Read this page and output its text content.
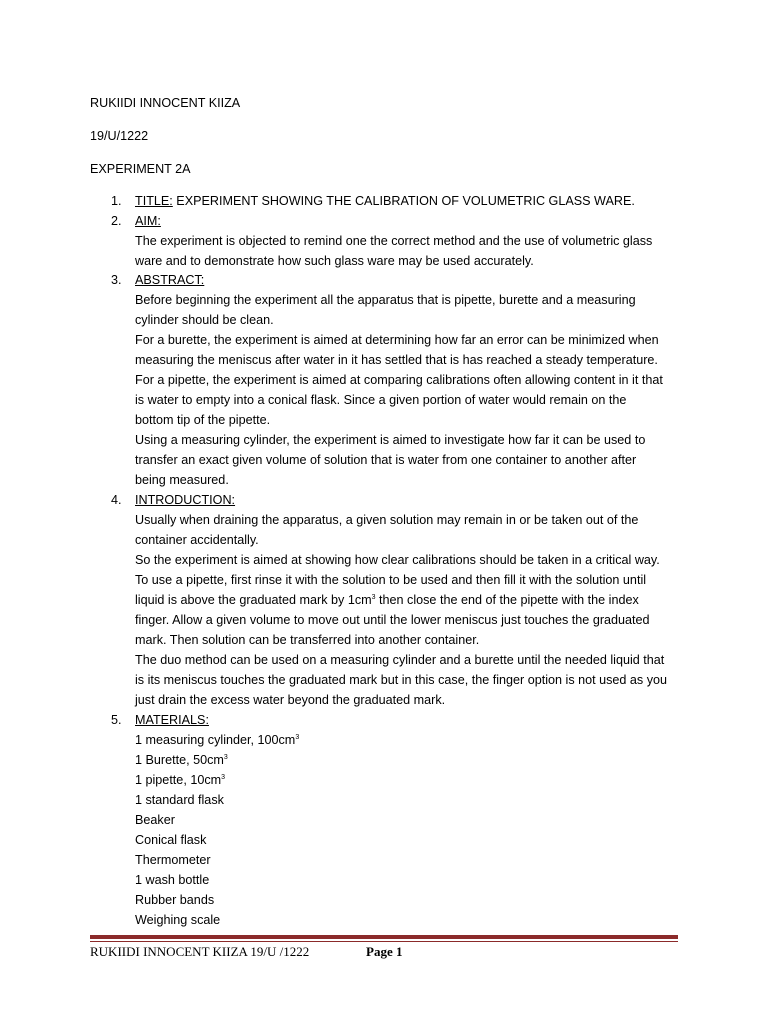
RUKIIDI INNOCENT KIIZA
19/U/1222
EXPERIMENT 2A
1. TITLE: EXPERIMENT SHOWING THE CALIBRATION OF VOLUMETRIC GLASS WARE.
2. AIM:
The experiment is objected to remind one the correct method and the use of volumetric glass
ware and to demonstrate how such glass ware may be used accurately.
3. ABSTRACT:
Before beginning the experiment all the apparatus that is pipette, burette and a measuring
cylinder should be clean.
For a burette, the experiment is aimed at determining how far an error can be minimized when
measuring the meniscus after water in it has settled that is has reached a steady temperature.
For a pipette, the experiment is aimed at comparing calibrations often allowing content in it that
is water to empty into a conical flask. Since a given portion of water would remain on the
bottom tip of the pipette.
Using a measuring cylinder, the experiment is aimed to investigate how far it can be used to
transfer an exact given volume of solution that is water from one container to another after
being measured.
4. INTRODUCTION:
Usually when draining the apparatus, a given solution may remain in or be taken out of the
container accidentally.
So the experiment is aimed at showing how clear calibrations should be taken in a critical way.
To use a pipette, first rinse it with the solution to be used and then fill it with the solution until
liquid is above the graduated mark by $1cm^3$ then close the end of the pipette with the index
finger. Allow a given volume to move out until the lower meniscus just touches the graduated
mark. Then solution can be transferred into another container.
The duo method can be used on a measuring cylinder and a burette until the needed liquid that
is its meniscus touches the graduated mark but in this case, the finger option is not used as you
just drain the excess water beyond the graduated mark.
5. MATERIALS:
1 measuring cylinder, $100cm^3$
1 Burette, $50cm^3$
1 pipette, $10cm^3$
1 standard flask
Beaker
Conical flask
Thermometer
1 wash bottle
Rubber bands
Weighing scale
RUKIIDI INNOCENT KIIZA 19/U /1222	Page 1
